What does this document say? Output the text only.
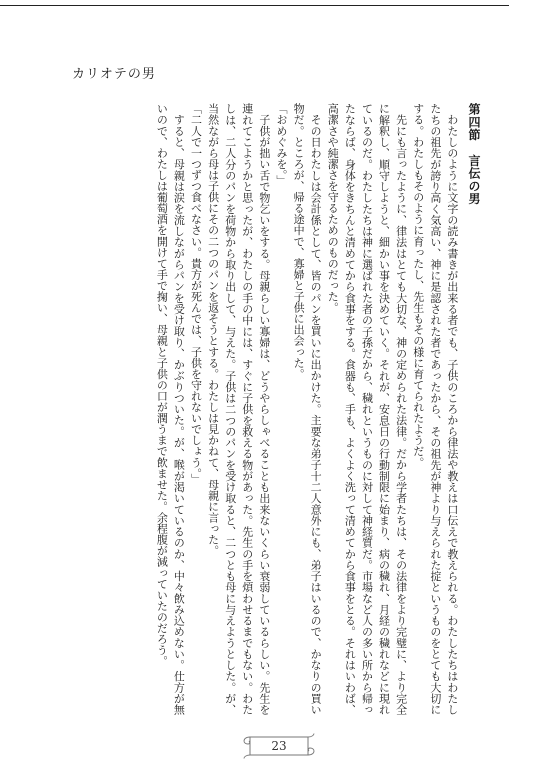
カリオテの男

第四節　言伝の男

わたしのように文字の読み書きが出来る者でも、子供のころから律法や教えは口伝えで教えられる。わたしたちはわたしたちの祖先が誇り高く気高い、神に是認された者であったから、その祖先が神より与えられた掟というものをとても大切にする。わたしもそのように育ったし、先生もその様に育てられたようだ。

先にも言ったように、律法はとても大切な、神の定められた法律。だから学者たちは、その法律をより完璧に、より完全に解釈し、順守しようと、細かい事を決めていく。それが、安息日の行動制限に始まり、病の穢れ、月経の穢れなどに現れているのだ。わたしたちは神に選ばれた者の子孫だから、穢れというものに対して神経質だ。市場など人の多い所から帰ったならば、身体をきちんと清めてから食事をする。食器も、手も、よくよく洗って清めてから食事をとる。それはいわば、高潔さや純潔さを守るためのものだった。

その日わたしは会計係として、皆のパンを買いに出かけた。主要な弟子十二人意外にも、弟子はいるので、かなりの買い物だ。ところが、帰る途中で、寡婦と子供に出会った。

「おめぐみを。」

子供が拙い舌で物乞いをする。母親らしい寡婦は、どうやらしゃべることも出来ないくらい衰弱しているらしい。先生を連れてこようかと思ったが、わたしの手の中には、すぐに子供を救える物があった。先生の手を煩わせるまでもない。わたしは、二人分のパンを荷物から取り出して、与えた。子供は二つのパンを受け取ると、二つとも母に与えようとした。が、当然ながら母は子供にその二つのパンを返そうとする。わたしは見かねて、母親に言った。

「二人で一つずつ食べなさい。貴方が死んでは、子供を守れないでしょう。」

すると、母親は涙を流しながらパンを受け取り、かぶりついた。が、喉が渇いているのか、中々飲み込めない。仕方が無いので、わたしは葡萄酒を開けて手で掬い、母親と子供の口が潤うまで飲ませた。余程腹が減っていたのだろう。

23
